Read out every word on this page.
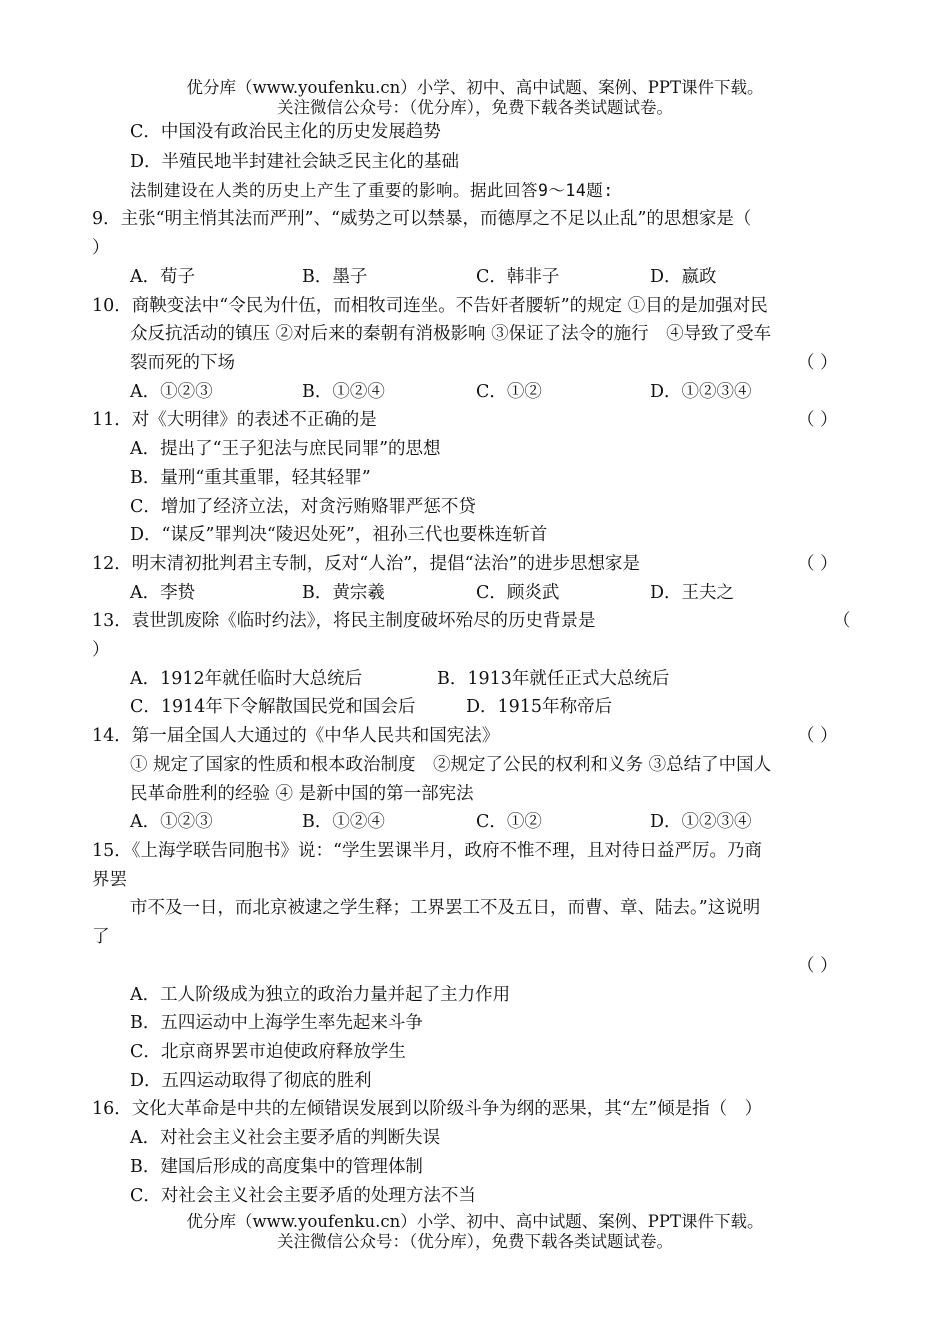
优分库（www.youfenku.cn）小学、初中、高中试题、案例、PPT课件下载。
关注微信公众号：（优分库），免费下载各类试题试卷。
C．中国没有政治民主化的历史发展趋势
D．半殖民地半封建社会缺乏民主化的基础
法制建设在人类的历史上产生了重要的影响。据此回答9～14题:
9．主张“明主悄其法而严刑”、“威势之可以禁暴，而德厚之不足以止乱”的思想家是（
）
A．荀子	B．墨子	C．韩非子	D．嬴政
10．商鞅变法中“令民为什伍，而相牧司连坐。不告奸者腰斩”的规定 ①目的是加强对民
众反抗活动的镇压 ②对后来的秦朝有消极影响 ③保证了法令的施行　④导致了受车
裂而死的下场	（ ）
A．①②③	B．①②④	C．①②	D．①②③④
11．对《大明律》的表述不正确的是	（ ）
A．提出了“王子犯法与庶民同罪”的思想
B．量刑“重其重罪，轻其轻罪”
C．增加了经济立法，对贪污贿赂罪严惩不贷
D．“谋反”罪判决“陵迟处死”，祖孙三代也要株连斩首
12．明末清初批判君主专制，反对“人治”，提倡“法治”的进步思想家是	（ ）
A．李贽	B．黄宗羲	C．顾炎武	D．王夫之
13．袁世凯废除《临时约法》，将民主制度破坏殆尽的历史背景是	（
）
A．1912年就任临时大总统后	B．1913年就任正式大总统后
C．1914年下令解散国民党和国会后	D．1915年称帝后
14．第一届全国人大通过的《中华人民共和国宪法》	（ ）
① 规定了国家的性质和根本政治制度　②规定了公民的权利和义务 ③总结了中国人
民革命胜利的经验 ④ 是新中国的第一部宪法
A．①②③	B．①②④	C．①②	D．①②③④
15．《上海学联告同胞书》说：“学生罢课半月，政府不惟不理，且对待日益严厉。乃商
界罢
市不及一日，而北京被逮之学生释；工界罢工不及五日，而曹、章、陆去。”这说明
了
（ ）
A．工人阶级成为独立的政治力量并起了主力作用
B．五四运动中上海学生率先起来斗争
C．北京商界罢市迫使政府释放学生
D．五四运动取得了彻底的胜利
16．文化大革命是中共的左倾错误发展到以阶级斗争为纲的恶果，其“左”倾是指（　）
A．对社会主义社会主要矛盾的判断失误
B．建国后形成的高度集中的管理体制
C．对社会主义社会主要矛盾的处理方法不当
优分库（www.youfenku.cn）小学、初中、高中试题、案例、PPT课件下载。
关注微信公众号：（优分库），免费下载各类试题试卷。
